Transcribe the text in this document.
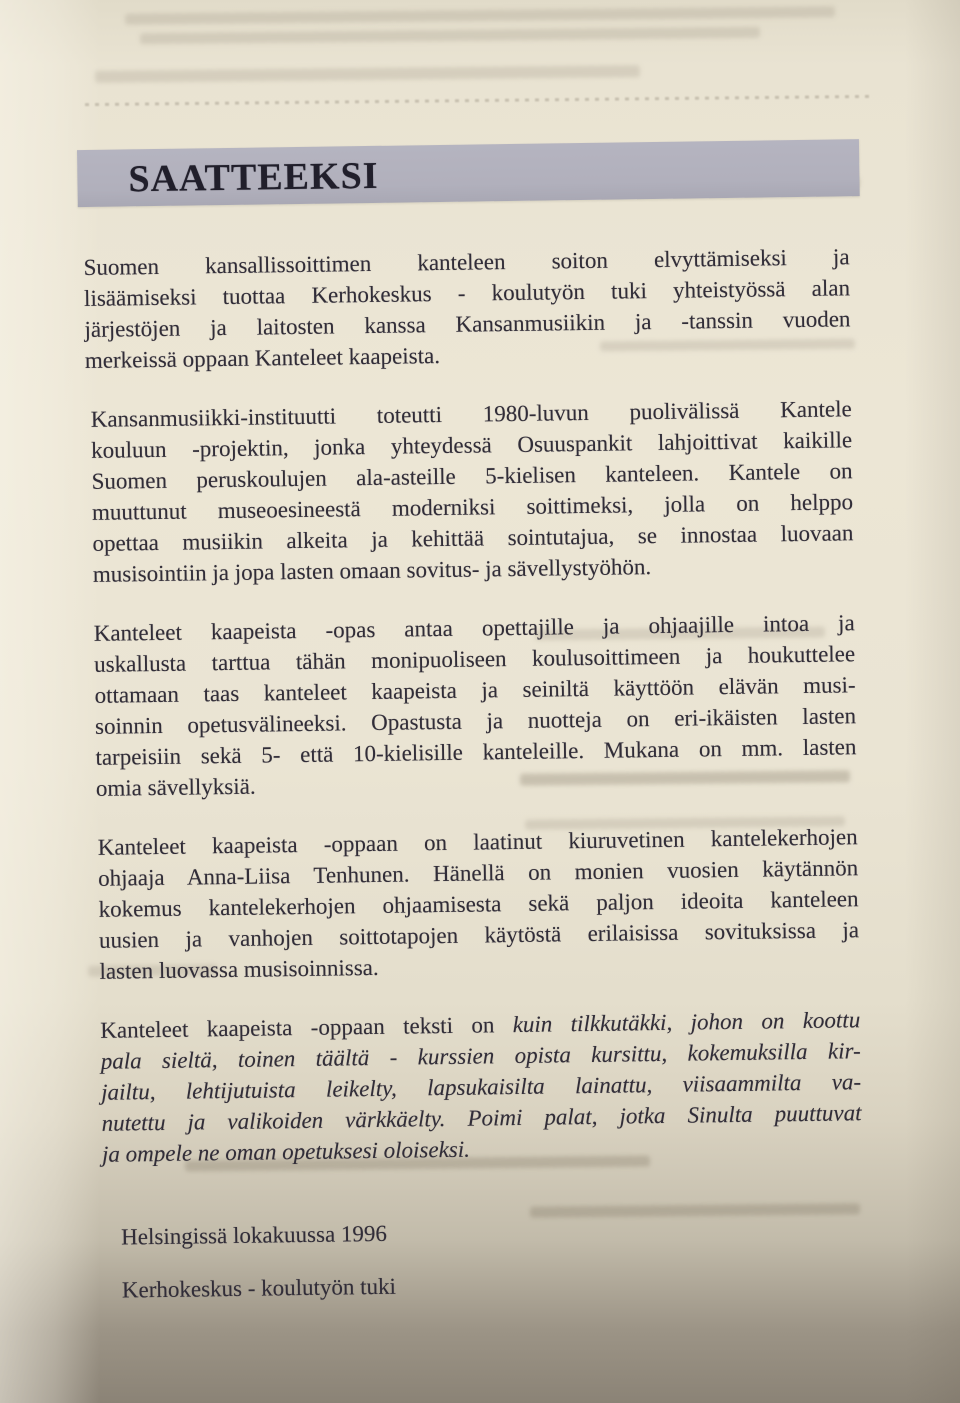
SAATTEEKSI
Suomen kansallissoittimen kanteleen soiton elvyttämiseksi ja
lisäämiseksi tuottaa Kerhokeskus - koulutyön tuki yhteistyössä alan
järjestöjen ja laitosten kanssa Kansanmusiikin ja -tanssin vuoden
merkeissä oppaan Kanteleet kaapeista.
Kansanmusiikki-instituutti toteutti 1980-luvun puolivälissä Kantele
kouluun -projektin, jonka yhteydessä Osuuspankit lahjoittivat kaikille
Suomen peruskoulujen ala-asteille 5-kielisen kanteleen. Kantele on
muuttunut museoesineestä moderniksi soittimeksi, jolla on helppo
opettaa musiikin alkeita ja kehittää sointutajua, se innostaa luovaan
musisointiin ja jopa lasten omaan sovitus- ja sävellystyöhön.
Kanteleet kaapeista -opas antaa opettajille ja ohjaajille intoa ja
uskallusta tarttua tähän monipuoliseen koulusoittimeen ja houkuttelee
ottamaan taas kanteleet kaapeista ja seiniltä käyttöön elävän musi-
soinnin opetusvälineeksi. Opastusta ja nuotteja on eri-ikäisten lasten
tarpeisiin sekä 5- että 10-kielisille kanteleille. Mukana on mm. lasten
omia sävellyksiä.
Kanteleet kaapeista -oppaan on laatinut kiuruvetinen kantelekerhojen
ohjaaja Anna-Liisa Tenhunen. Hänellä on monien vuosien käytännön
kokemus kantelekerhojen ohjaamisesta sekä paljon ideoita kanteleen
uusien ja vanhojen soittotapojen käytöstä erilaisissa sovituksissa ja
lasten luovassa musisoinnissa.
Kanteleet kaapeista -oppaan teksti on kuin tilkkutäkki, johon on koottu
pala sieltä, toinen täältä - kurssien opista kursittu, kokemuksilla kir-
jailtu, lehtijutuista leikelty, lapsukaisilta lainattu, viisaammilta va-
nutettu ja valikoiden värkkäelty. Poimi palat, jotka Sinulta puuttuvat
ja ompele ne oman opetuksesi oloiseksi.
Helsingissä lokakuussa 1996
Kerhokeskus - koulutyön tuki
